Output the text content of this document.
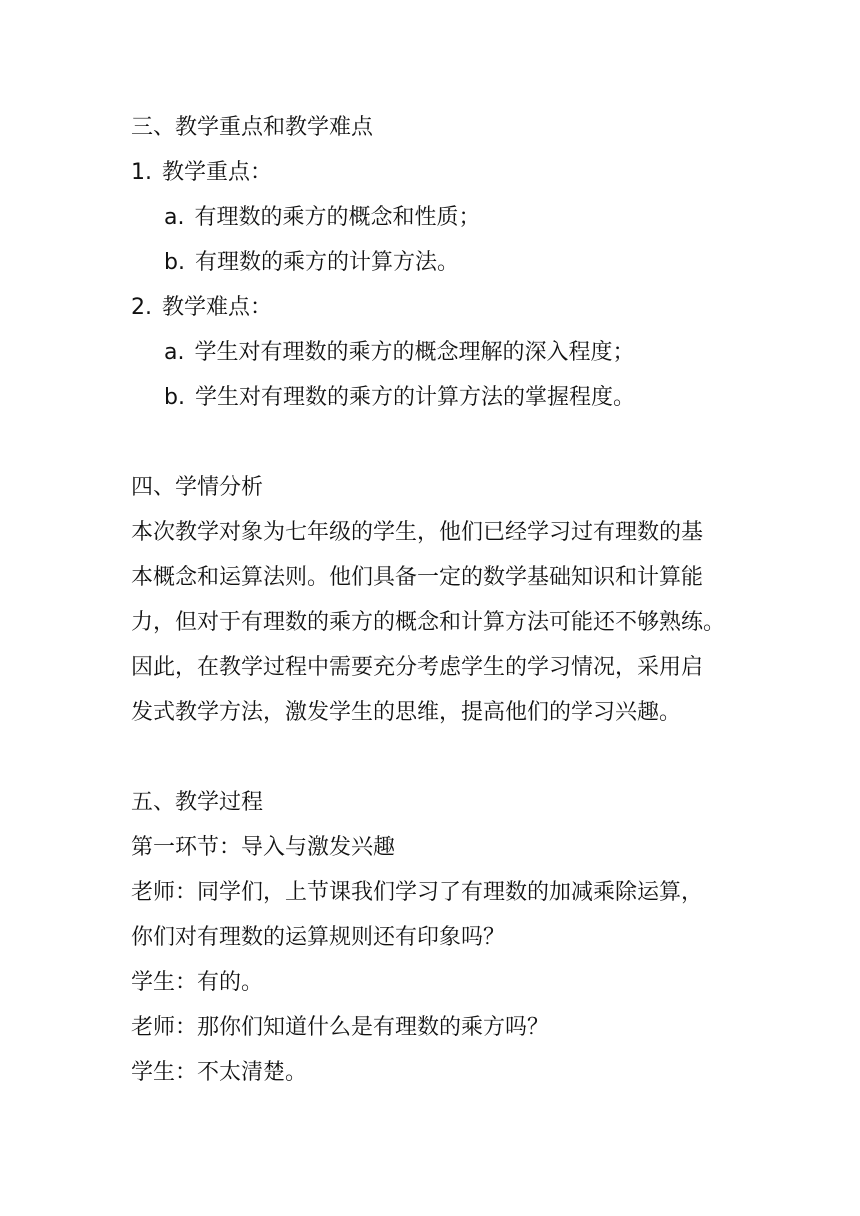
三、教学重点和教学难点
1. 教学重点：
a. 有理数的乘方的概念和性质；
b. 有理数的乘方的计算方法。
2. 教学难点：
a. 学生对有理数的乘方的概念理解的深入程度；
b. 学生对有理数的乘方的计算方法的掌握程度。
四、学情分析
本次教学对象为七年级的学生，他们已经学习过有理数的基
本概念和运算法则。他们具备一定的数学基础知识和计算能
力，但对于有理数的乘方的概念和计算方法可能还不够熟练。
因此，在教学过程中需要充分考虑学生的学习情况，采用启
发式教学方法，激发学生的思维，提高他们的学习兴趣。
五、教学过程
第一环节：导入与激发兴趣
老师：同学们，上节课我们学习了有理数的加减乘除运算，
你们对有理数的运算规则还有印象吗？
学生：有的。
老师：那你们知道什么是有理数的乘方吗？
学生：不太清楚。
